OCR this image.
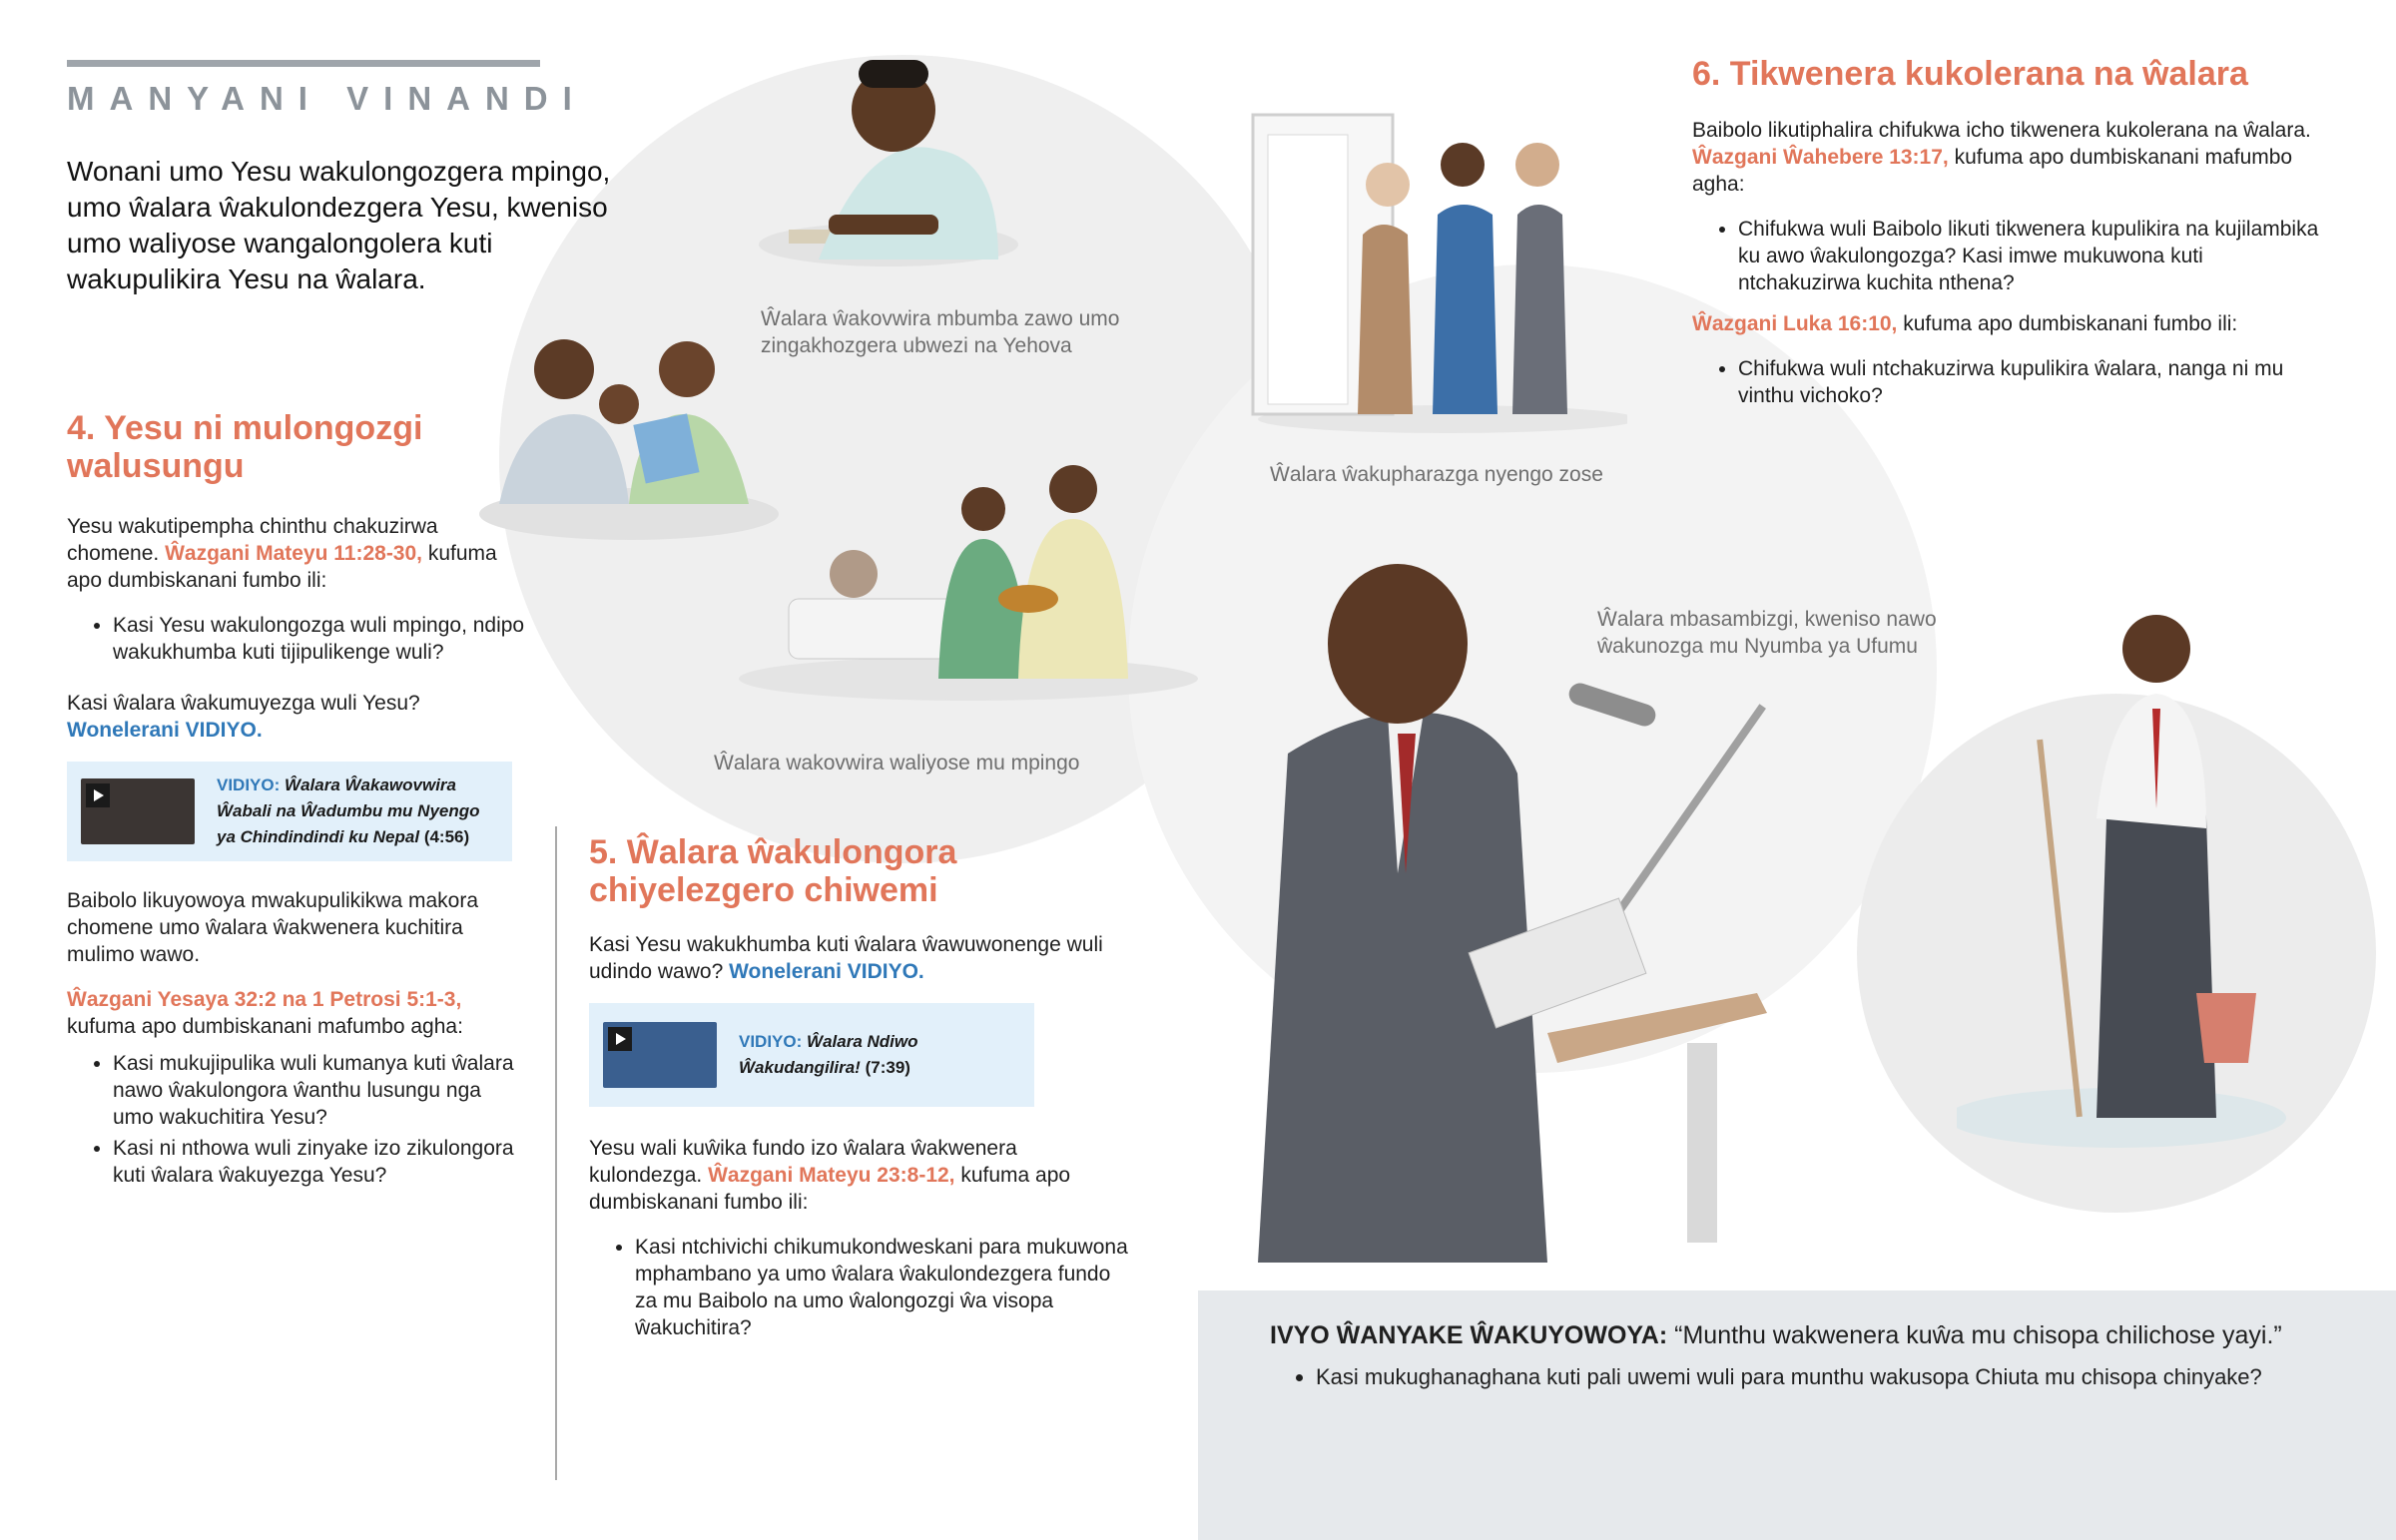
MANYANI VINANDI
Wonani umo Yesu wakulongozgera mpingo, umo ŵalara ŵakulondezgera Yesu, kweniso umo waliyose wangalongolera kuti wakupulikira Yesu na ŵalara.
4. Yesu ni mulongozgi walusungu

Yesu wakutipempha chinthu chakuzirwa chomene. Ŵazgani Mateyu 11:28-30, kufuma apo dumbiskanani fumbo ili:

• Kasi Yesu wakulongozga wuli mpingo, ndipo wakukhumba kuti tijipulikenge wuli?

Kasi ŵalara ŵakumuyezga wuli Yesu? Wonelerani VIDIYO.

VIDIYO: Ŵalara Ŵakawovwira Ŵabali na Ŵadumbu mu Nyengo ya Chindindindi ku Nepal (4:56)

Baibolo likuyowoya mwakupulikikwa makora chomene umo ŵalara ŵakwenera kuchitira mulimo wawo.

Ŵazgani Yesaya 32:2 na 1 Petrosi 5:1-3, kufuma apo dumbiskanani mafumbo agha:

• Kasi mukujipulika wuli kumanya kuti ŵalara nawo ŵakulongora ŵanthu lusungu nga umo wakuchitira Yesu?
• Kasi ni nthowa wuli zinyake izo zikulongora kuti ŵalara ŵakuyezga Yesu?
5. Ŵalara ŵakulongora chiyelezgero chiwemi

Kasi Yesu wakukhumba kuti ŵalara ŵawuwonenge wuli udindo wawo? Wonelerani VIDIYO.

VIDIYO: Ŵalara Ndiwo Ŵakudangilira! (7:39)

Yesu wali kuŵika fundo izo ŵalara ŵakwenera kulondezga. Ŵazgani Mateyu 23:8-12, kufuma apo dumbiskanani fumbo ili:

• Kasi ntchivichi chikumukondweskani para mukuwona mphambano ya umo ŵalara ŵakulondezgera fundo za mu Baibolo na umo ŵalongozgi ŵa visopa ŵakuchitira?
6. Tikwenera kukolerana na ŵalara

Baibolo likutiphalira chifukwa icho tikwenera kukolerana na ŵalara. Ŵazgani Ŵahebere 13:17, kufuma apo dumbiskanani mafumbo agha:

• Chifukwa wuli Baibolo likuti tikwenera kupulikira na kujilambika ku awo ŵakulongozga? Kasi imwe mukuwona kuti ntchakuzirwa kuchita nthena?

Ŵazgani Luka 16:10, kufuma apo dumbiskanani fumbo ili:

• Chifukwa wuli ntchakuzirwa kupulikira ŵalara, nanga ni mu vinthu vichoko?
Ŵalara ŵakovwira mbumba zawo umo zingakhozgera ubwezi na Yehova
Ŵalara wakovwira waliyose mu mpingo
Ŵalara ŵakupharazga nyengo zose
Ŵalara mbasambizgi, kweniso nawo ŵakunozga mu Nyumba ya Ufumu
IVYO ŴANYAKE ŴAKUYOWOYA: “Munthu wakwenera kuŵa mu chisopa chilichose yayi.”
• Kasi mukughanaghana kuti pali uwemi wuli para munthu wakusopa Chiuta mu chisopa chinyake?
